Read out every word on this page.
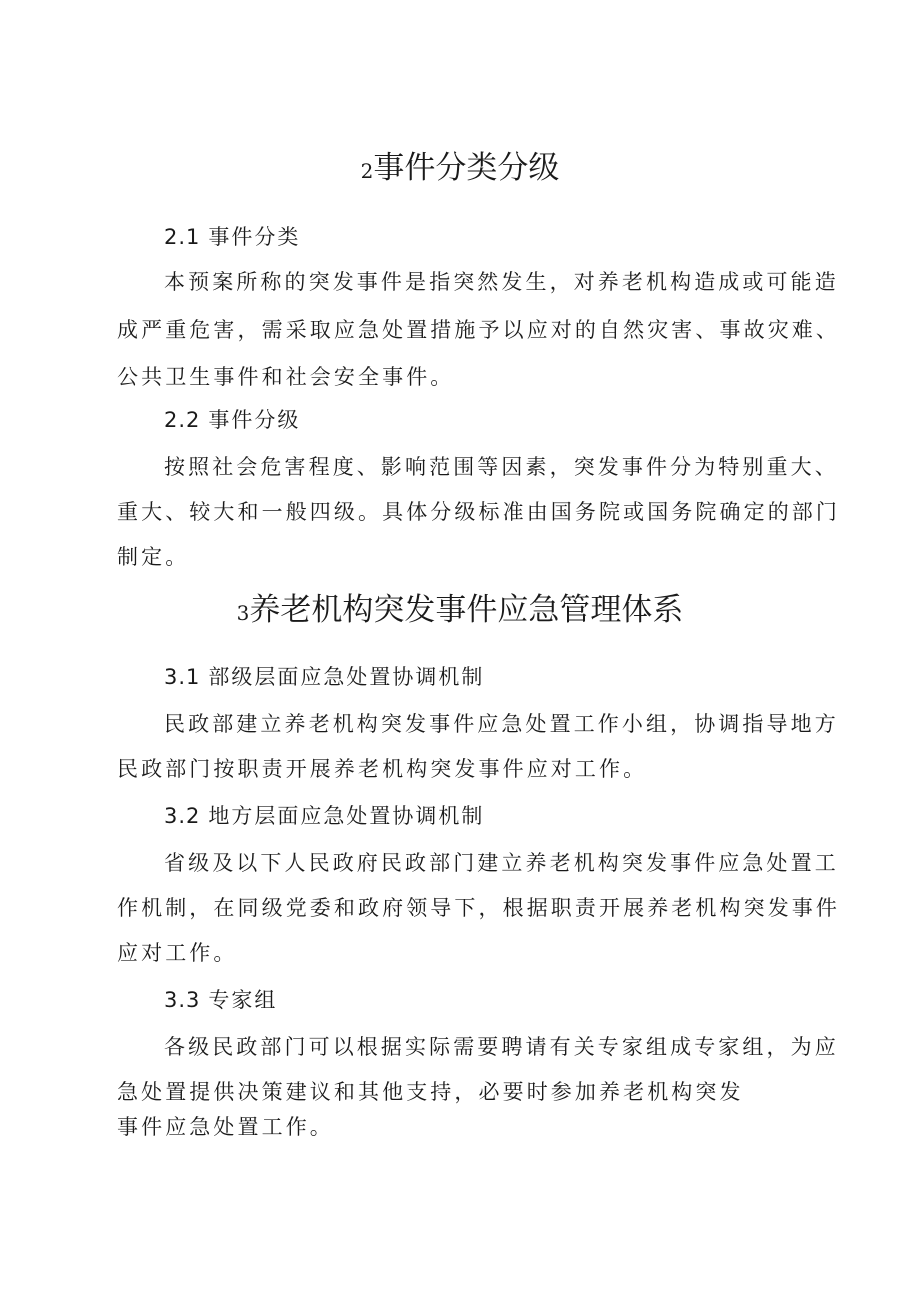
2事件分类分级
2.1 事件分类

本预案所称的突发事件是指突然发生，对养老机构造成或可能造

成严重危害，需采取应急处置措施予以应对的自然灾害、事故灾难、

公共卫生事件和社会安全事件。

2.2 事件分级

按照社会危害程度、影响范围等因素，突发事件分为特别重大、

重大、较大和一般四级。具体分级标准由国务院或国务院确定的部门

制定。

3养老机构突发事件应急管理体系
3.1 部级层面应急处置协调机制

民政部建立养老机构突发事件应急处置工作小组，协调指导地方

民政部门按职责开展养老机构突发事件应对工作。

3.2 地方层面应急处置协调机制

省级及以下人民政府民政部门建立养老机构突发事件应急处置工

作机制，在同级党委和政府领导下，根据职责开展养老机构突发事件

应对工作。

3.3 专家组

各级民政部门可以根据实际需要聘请有关专家组成专家组，为应

急处置提供决策建议和其他支持，必要时参加养老机构突发

事件应急处置工作。
